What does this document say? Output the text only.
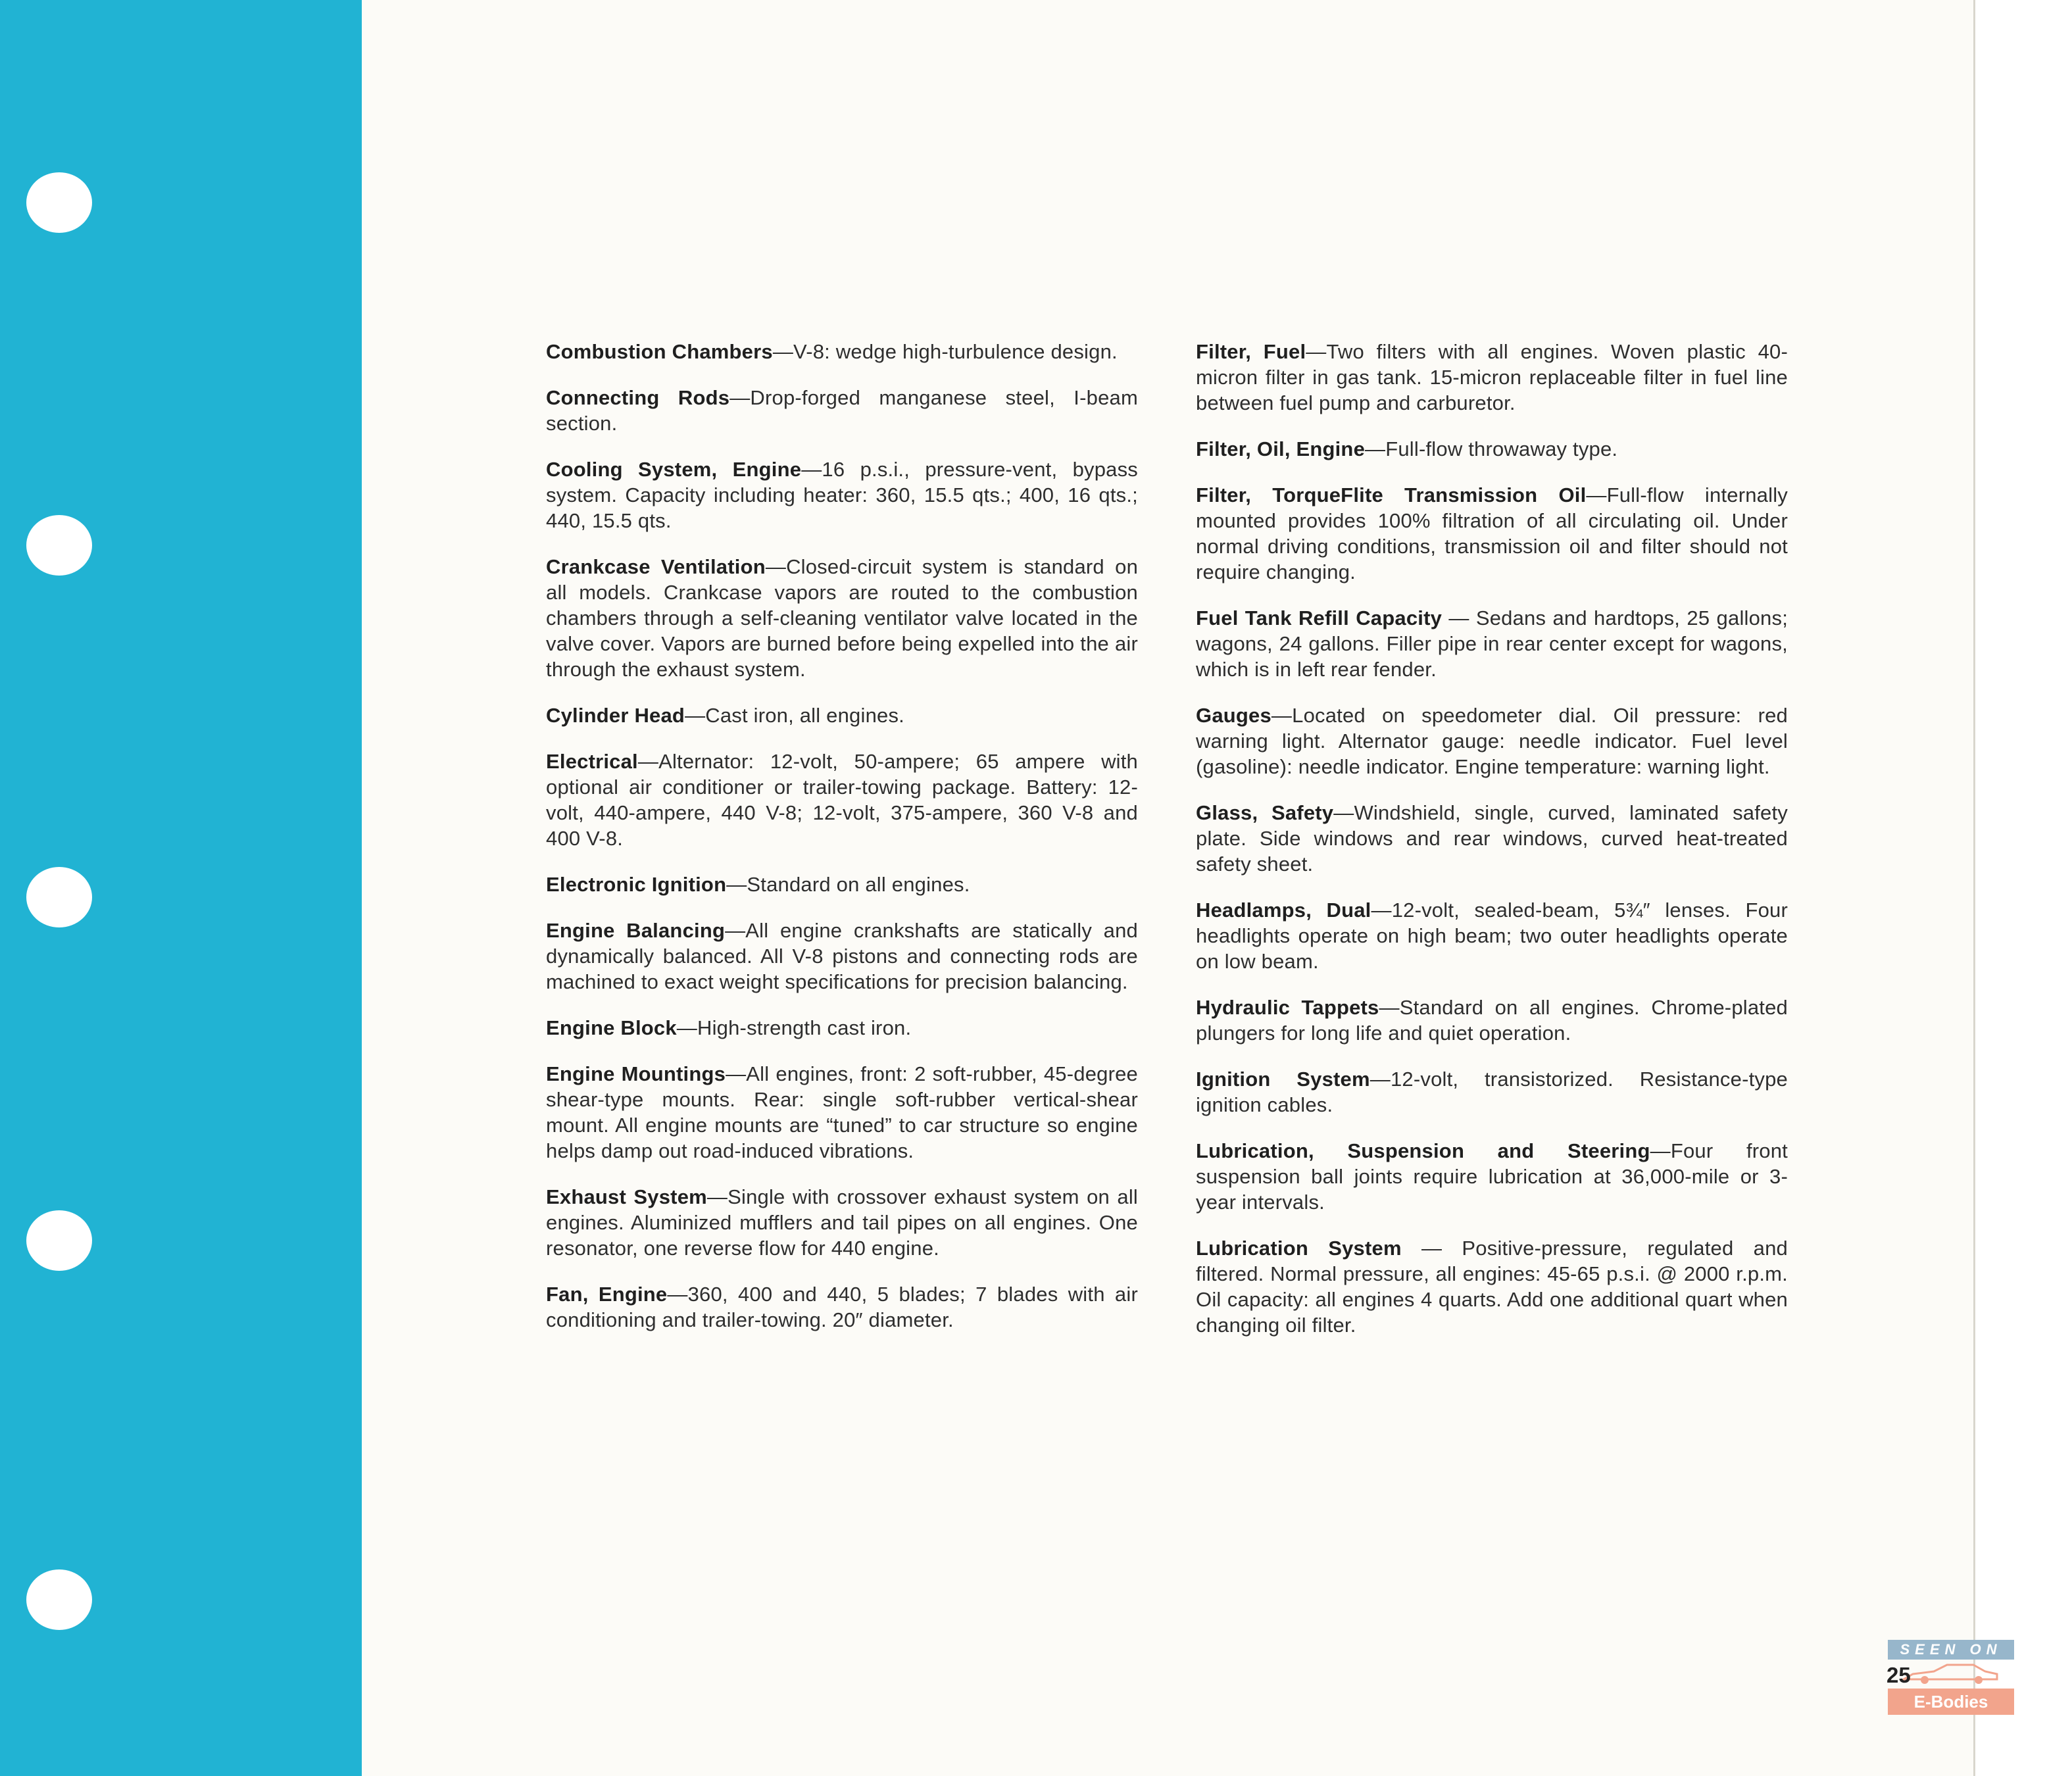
Combustion Chambers—V-8: wedge high-turbulence design.

Connecting Rods—Drop-forged manganese steel, I-beam section.

Cooling System, Engine—16 p.s.i., pressure-vent, bypass system. Capacity including heater: 360, 15.5 qts.; 400, 16 qts.; 440, 15.5 qts.

Crankcase Ventilation—Closed-circuit system is standard on all models. Crankcase vapors are routed to the combustion chambers through a self-cleaning ventilator valve located in the valve cover. Vapors are burned before being expelled into the air through the exhaust system.

Cylinder Head—Cast iron, all engines.

Electrical—Alternator: 12-volt, 50-ampere; 65 ampere with optional air conditioner or trailer-towing package. Battery: 12-volt, 440-ampere, 440 V-8; 12-volt, 375-ampere, 360 V-8 and 400 V-8.

Electronic Ignition—Standard on all engines.

Engine Balancing—All engine crankshafts are statically and dynamically balanced. All V-8 pistons and connecting rods are machined to exact weight specifications for precision balancing.

Engine Block—High-strength cast iron.

Engine Mountings—All engines, front: 2 soft-rubber, 45-degree shear-type mounts. Rear: single soft-rubber vertical-shear mount. All engine mounts are “tuned” to car structure so engine helps damp out road-induced vibrations.

Exhaust System—Single with crossover exhaust system on all engines. Aluminized mufflers and tail pipes on all engines. One resonator, one reverse flow for 440 engine.

Fan, Engine—360, 400 and 440, 5 blades; 7 blades with air conditioning and trailer-towing. 20″ diameter.

Filter, Fuel—Two filters with all engines. Woven plastic 40-micron filter in gas tank. 15-micron replaceable filter in fuel line between fuel pump and carburetor.

Filter, Oil, Engine—Full-flow throwaway type.

Filter, TorqueFlite Transmission Oil—Full-flow internally mounted provides 100% filtration of all circulating oil. Under normal driving conditions, transmission oil and filter should not require changing.

Fuel Tank Refill Capacity — Sedans and hardtops, 25 gallons; wagons, 24 gallons. Filler pipe in rear center except for wagons, which is in left rear fender.

Gauges—Located on speedometer dial. Oil pressure: red warning light. Alternator gauge: needle indicator. Fuel level (gasoline): needle indicator. Engine temperature: warning light.

Glass, Safety—Windshield, single, curved, laminated safety plate. Side windows and rear windows, curved heat-treated safety sheet.

Headlamps, Dual—12-volt, sealed-beam, 5¾″ lenses. Four headlights operate on high beam; two outer headlights operate on low beam.

Hydraulic Tappets—Standard on all engines. Chrome-plated plungers for long life and quiet operation.

Ignition System—12-volt, transistorized. Resistance-type ignition cables.

Lubrication, Suspension and Steering—Four front suspension ball joints require lubrication at 36,000-mile or 3-year intervals.

Lubrication System — Positive-pressure, regulated and filtered. Normal pressure, all engines: 45-65 p.s.i. @ 2000 r.p.m. Oil capacity: all engines 4 quarts. Add one additional quart when changing oil filter.

SEEN ON
E-Bodies
25
